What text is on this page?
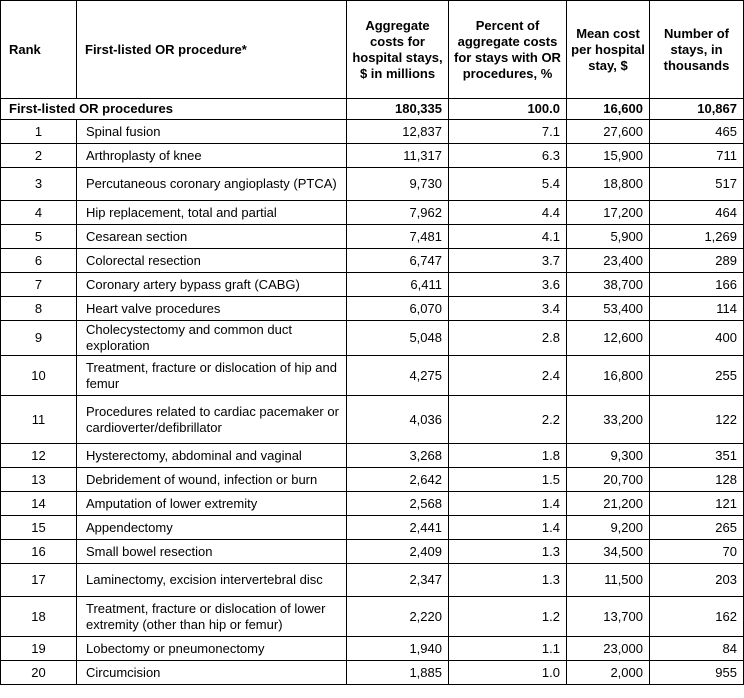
Rank	First-listed OR procedure*	Aggregate costs for hospital stays, $ in millions	Percent of aggregate costs for stays with OR procedures, %	Mean cost per hospital stay, $	Number of stays, in thousands
First-listed OR procedures		180,335	100.0	16,600	10,867
1	Spinal fusion	12,837	7.1	27,600	465
2	Arthroplasty of knee	11,317	6.3	15,900	711
3	Percutaneous coronary angioplasty (PTCA)	9,730	5.4	18,800	517
4	Hip replacement, total and partial	7,962	4.4	17,200	464
5	Cesarean section	7,481	4.1	5,900	1,269
6	Colorectal resection	6,747	3.7	23,400	289
7	Coronary artery bypass graft (CABG)	6,411	3.6	38,700	166
8	Heart valve procedures	6,070	3.4	53,400	114
9	Cholecystectomy and common duct exploration	5,048	2.8	12,600	400
10	Treatment, fracture or dislocation of hip and femur	4,275	2.4	16,800	255
11	Procedures related to cardiac pacemaker or cardioverter/defibrillator	4,036	2.2	33,200	122
12	Hysterectomy, abdominal and vaginal	3,268	1.8	9,300	351
13	Debridement of wound, infection or burn	2,642	1.5	20,700	128
14	Amputation of lower extremity	2,568	1.4	21,200	121
15	Appendectomy	2,441	1.4	9,200	265
16	Small bowel resection	2,409	1.3	34,500	70
17	Laminectomy, excision intervertebral disc	2,347	1.3	11,500	203
18	Treatment, fracture or dislocation of lower extremity (other than hip or femur)	2,220	1.2	13,700	162
19	Lobectomy or pneumonectomy	1,940	1.1	23,000	84
20	Circumcision	1,885	1.0	2,000	955
